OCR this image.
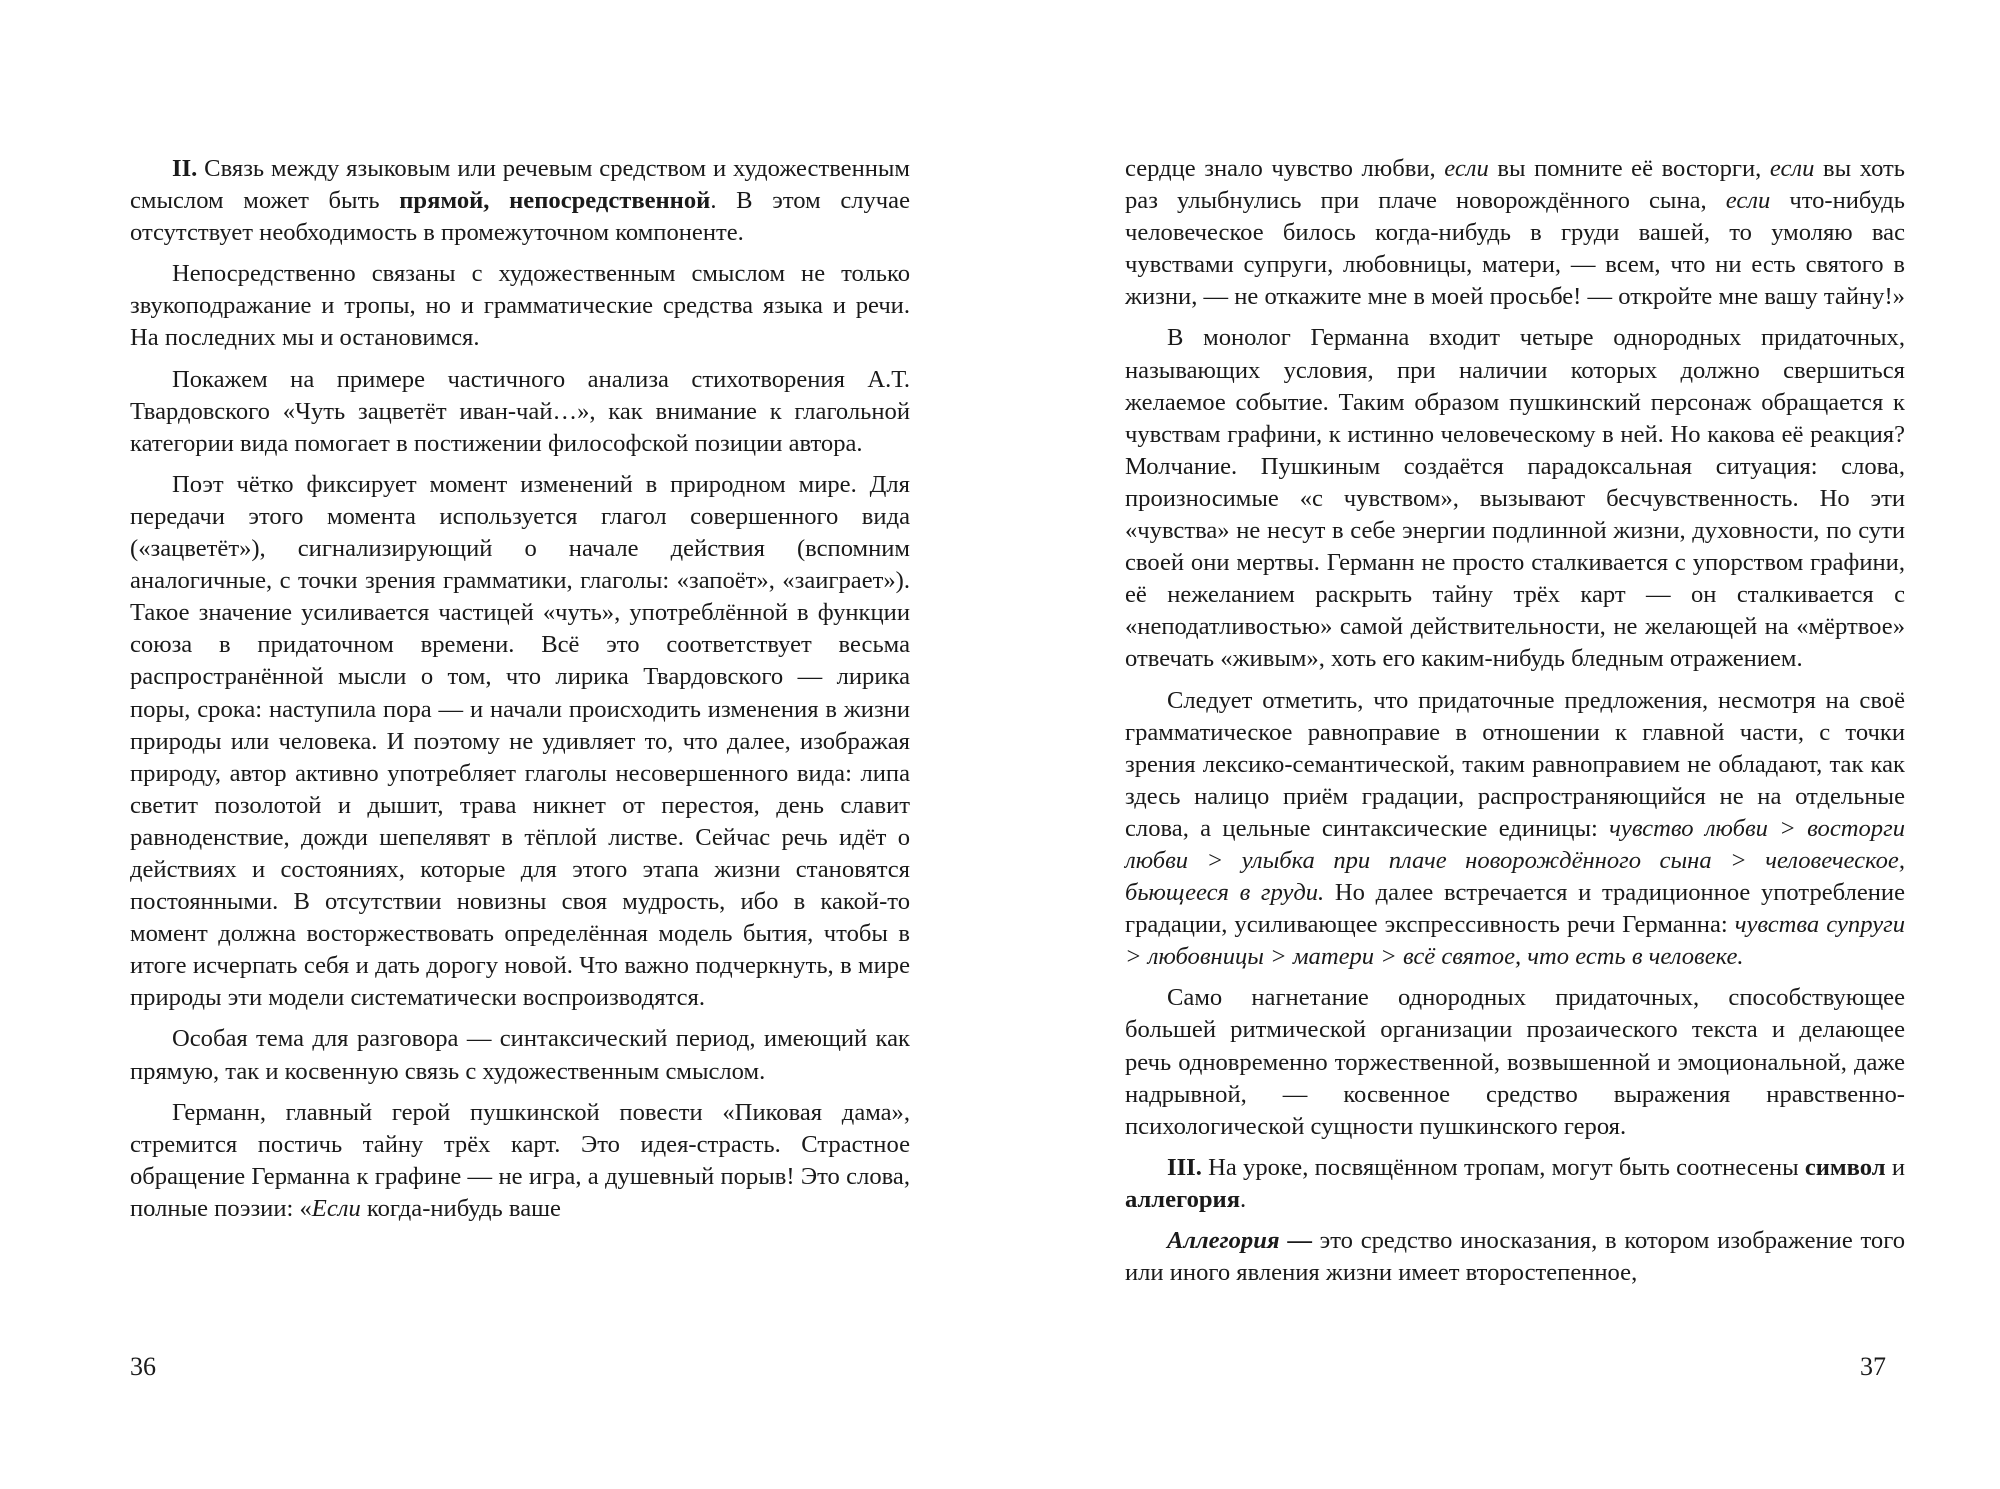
II. Связь между языковым или речевым средством и художественным смыслом может быть прямой, непосредственной. В этом случае отсутствует необходимость в промежуточном компоненте.

Непосредственно связаны с художественным смыслом не только звукоподражание и тропы, но и грамматические средства языка и речи. На последних мы и остановимся.

Покажем на примере частичного анализа стихотворения А.Т. Твардовского «Чуть зацветёт иван-чай…», как внимание к глагольной категории вида помогает в постижении философской позиции автора.

Поэт чётко фиксирует момент изменений в природном мире. Для передачи этого момента используется глагол совершенного вида («зацветёт»), сигнализирующий о начале действия (вспомним аналогичные, с точки зрения грамматики, глаголы: «запоёт», «заиграет»). Такое значение усиливается частицей «чуть», употреблённой в функции союза в придаточном времени. Всё это соответствует весьма распространённой мысли о том, что лирика Твардовского — лирика поры, срока: наступила пора — и начали происходить изменения в жизни природы или человека. И поэтому не удивляет то, что далее, изображая природу, автор активно употребляет глаголы несовершенного вида: липа светит позолотой и дышит, трава никнет от перестоя, день славит равноденствие, дожди шепелявят в тёплой листве. Сейчас речь идёт о действиях и состояниях, которые для этого этапа жизни становятся постоянными. В отсутствии новизны своя мудрость, ибо в какой-то момент должна восторжествовать определённая модель бытия, чтобы в итоге исчерпать себя и дать дорогу новой. Что важно подчеркнуть, в мире природы эти модели систематически воспроизводятся.

Особая тема для разговора — синтаксический период, имеющий как прямую, так и косвенную связь с художественным смыслом.

Германн, главный герой пушкинской повести «Пиковая дама», стремится постичь тайну трёх карт. Это идея-страсть. Страстное обращение Германна к графине — не игра, а душевный порыв! Это слова, полные поэзии: «Если когда-нибудь ваше

36

сердце знало чувство любви, если вы помните её восторги, если вы хоть раз улыбнулись при плаче новорождённого сына, если что-нибудь человеческое билось когда-нибудь в груди вашей, то умоляю вас чувствами супруги, любовницы, матери, — всем, что ни есть святого в жизни, — не откажите мне в моей просьбе! — откройте мне вашу тайну!»

В монолог Германна входит четыре однородных придаточных, называющих условия, при наличии которых должно свершиться желаемое событие. Таким образом пушкинский персонаж обращается к чувствам графини, к истинно человеческому в ней. Но какова её реакция? Молчание. Пушкиным создаётся парадоксальная ситуация: слова, произносимые «с чувством», вызывают бесчувственность. Но эти «чувства» не несут в себе энергии подлинной жизни, духовности, по сути своей они мертвы. Германн не просто сталкивается с упорством графини, её нежеланием раскрыть тайну трёх карт — он сталкивается с «неподатливостью» самой действительности, не желающей на «мёртвое» отвечать «живым», хоть его каким-нибудь бледным отражением.

Следует отметить, что придаточные предложения, несмотря на своё грамматическое равноправие в отношении к главной части, с точки зрения лексико-семантической, таким равноправием не обладают, так как здесь налицо приём градации, распространяющийся не на отдельные слова, а цельные синтаксические единицы: чувство любви > восторги любви > улыбка при плаче новорождённого сына > человеческое, бьющееся в груди. Но далее встречается и традиционное употребление градации, усиливающее экспрессивность речи Германна: чувства супруги > любовницы > матери > всё святое, что есть в человеке.

Само нагнетание однородных придаточных, способствующее большей ритмической организации прозаического текста и делающее речь одновременно торжественной, возвышенной и эмоциональной, даже надрывной, — косвенное средство выражения нравственно-психологической сущности пушкинского героя.

III. На уроке, посвящённом тропам, могут быть соотнесены символ и аллегория.

Аллегория — это средство иносказания, в котором изображение того или иного явления жизни имеет второстепенное,

37
